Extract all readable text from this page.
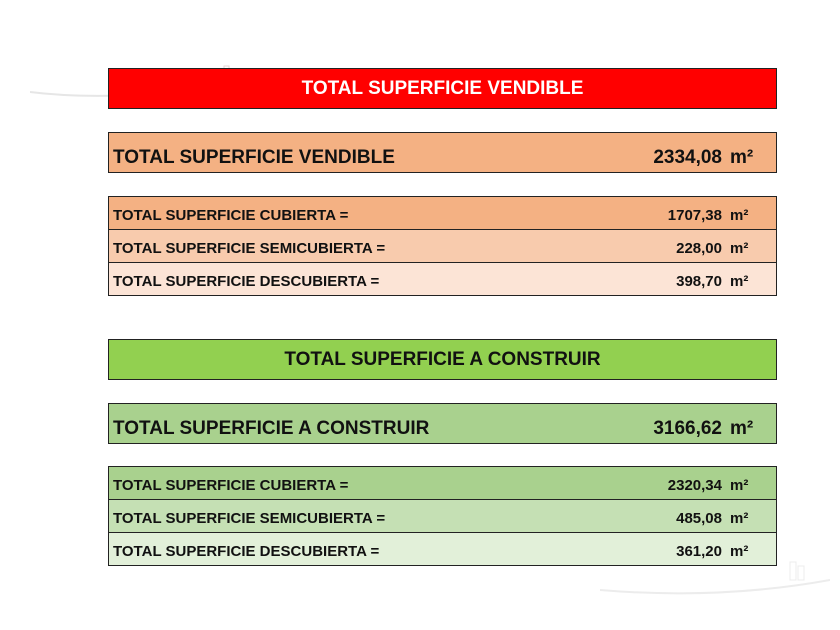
TOTAL SUPERFICIE VENDIBLE
TOTAL SUPERFICIE VENDIBLE	2334,08 m²
TOTAL SUPERFICIE CUBIERTA =	1707,38 m²
TOTAL SUPERFICIE SEMICUBIERTA =	228,00 m²
TOTAL SUPERFICIE DESCUBIERTA =	398,70 m²
TOTAL SUPERFICIE A CONSTRUIR
TOTAL SUPERFICIE A CONSTRUIR	3166,62 m²
TOTAL SUPERFICIE CUBIERTA =	2320,34 m²
TOTAL SUPERFICIE SEMICUBIERTA =	485,08 m²
TOTAL SUPERFICIE DESCUBIERTA =	361,20 m²
